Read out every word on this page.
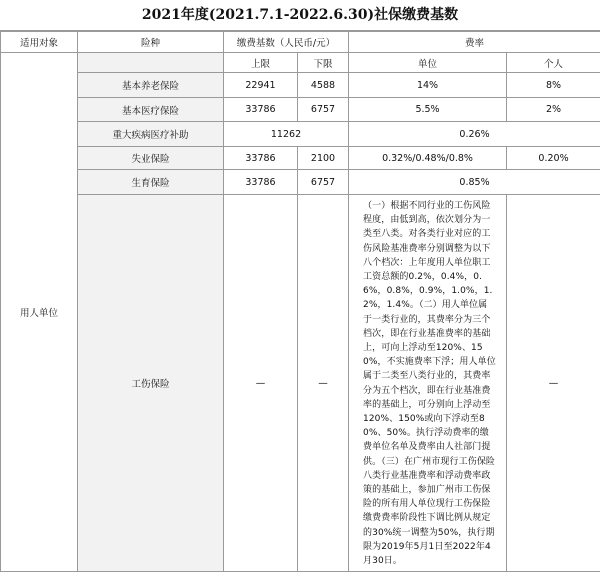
2021年度(2021.7.1-2022.6.30)社保缴费基数
适用对象	险种	缴费基数（人民币/元）		费率	
用人单位		上限	下限	单位	个人
	基本养老保险	22941	4588	14%	8%
	基本医疗保险	33786	6757	5.5%	2%
	重大疾病医疗补助	11262		0.26%	
	失业保险	33786	2100	0.32%/0.48%/0.8%	0.20%
	生育保险	33786	6757	0.85%	
	工伤保险	—	—	（一）根据不同行业的工伤风险程度，由低到高，依次划分为一类至八类。对各类行业对应的工伤风险基准费率分别调整为以下八个档次：上年度用人单位职工工资总额的0.2%，0.4%，0.6%，0.8%，0.9%，1.0%，1.2%，1.4%。（二）用人单位属于一类行业的，其费率分为三个档次，即在行业基准费率的基础上，可向上浮动至120%、150%，不实施费率下浮；用人单位属于二类至八类行业的，其费率分为五个档次，即在行业基准费率的基础上，可分别向上浮动至120%、150%或向下浮动至80%、50%。执行浮动费率的缴费单位名单及费率由人社部门提供。（三）在广州市现行工伤保险八类行业基准费率和浮动费率政策的基础上，参加广州市工伤保险的所有用人单位现行工伤保险缴费费率阶段性下调比例从规定的30%统一调整为50%，执行期限为2019年5月1日至2022年4月30日。	—
